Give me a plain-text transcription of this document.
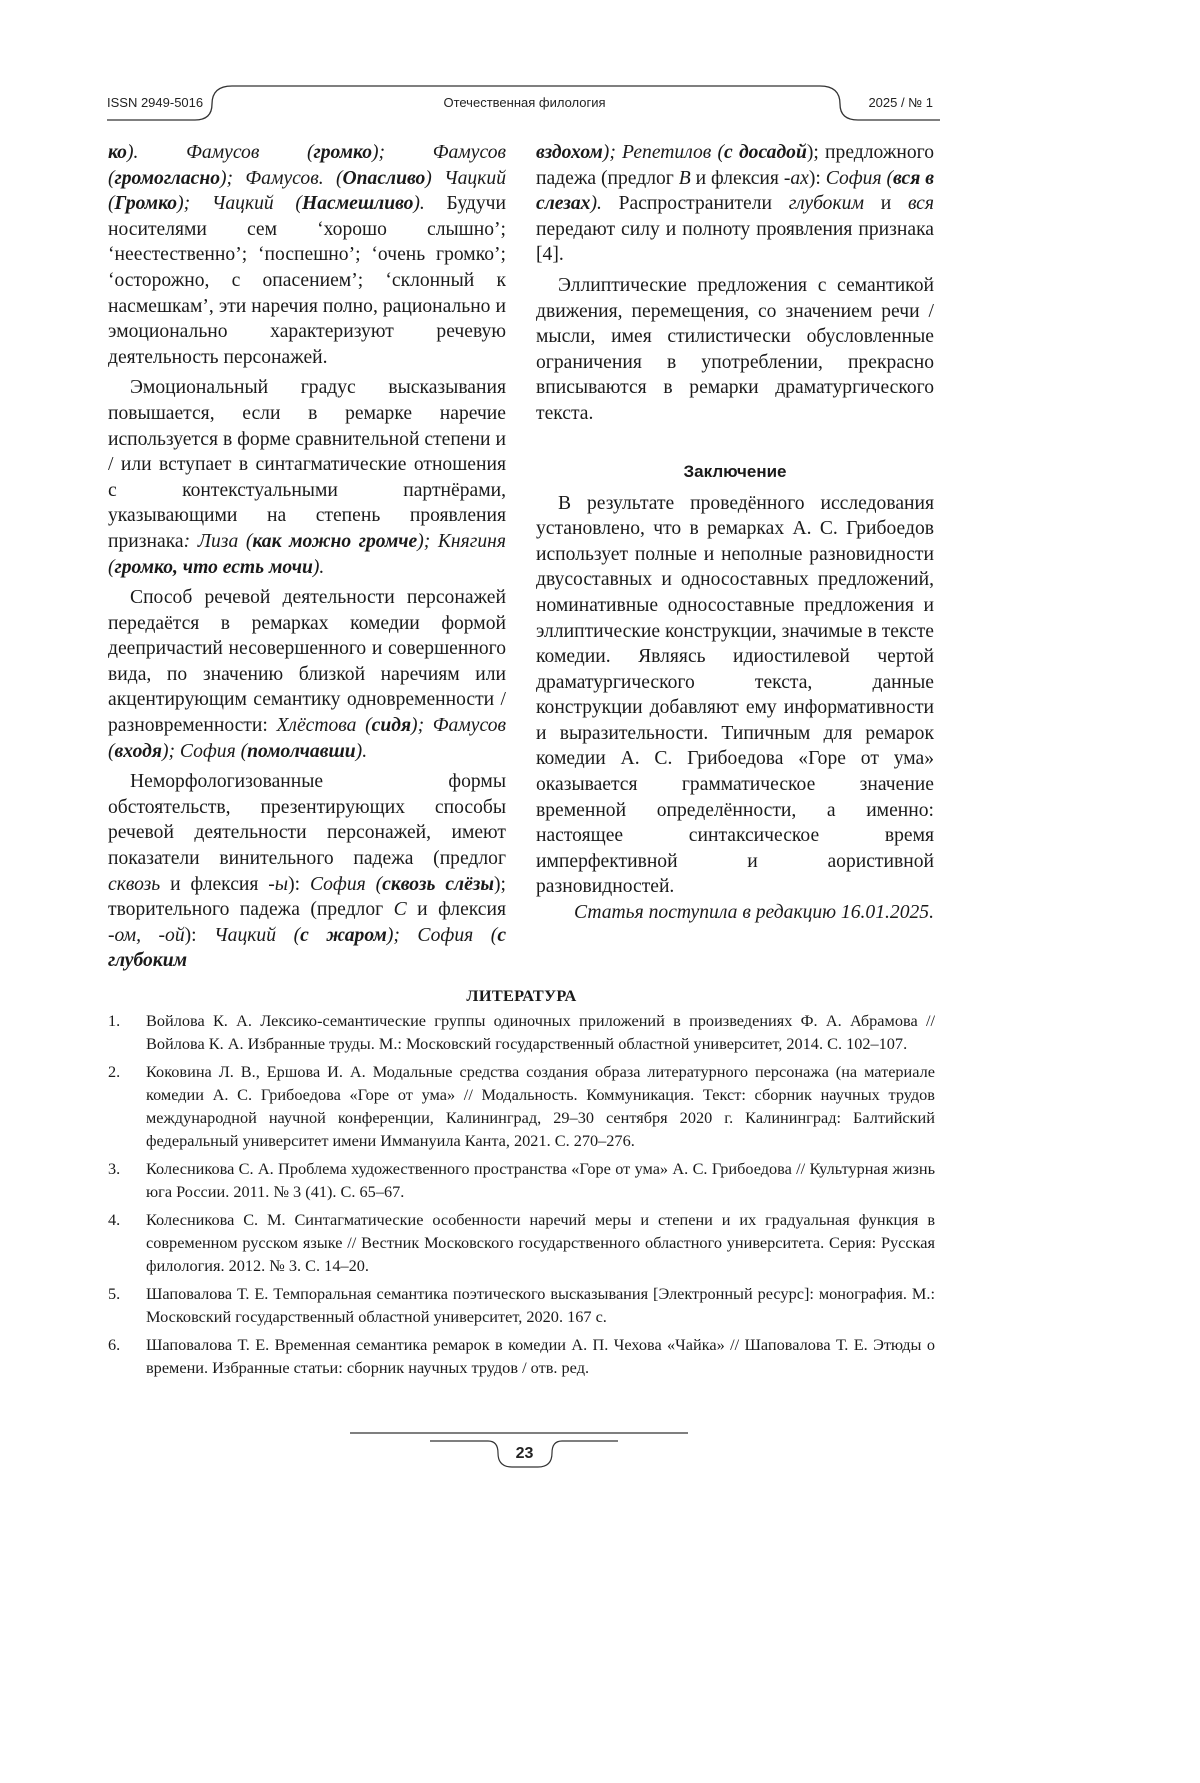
ISSN 2949-5016	Отечественная филология	2025 / № 1

ко). Фамусов (громко); Фамусов (громогласно); Фамусов. (Опасливо) Чацкий (Громко); Чацкий (Насмешливо). Будучи носителями сем ‘хорошо слышно’; ‘неестественно’; ‘поспешно’; ‘очень громко’; ‘осторожно, с опасением’; ‘склонный к насмешкам’, эти наречия полно, рационально и эмоционально характеризуют речевую деятельность персонажей.

Эмоциональный градус высказывания повышается, если в ремарке наречие используется в форме сравнительной степени и / или вступает в синтагматические отношения с контекстуальными партнёрами, указывающими на степень проявления признака: Лиза (как можно громче); Княгиня (громко, что есть мочи).

Способ речевой деятельности персонажей передаётся в ремарках комедии формой деепричастий несовершенного и совершенного вида, по значению близкой наречиям или акцентирующим семантику одновременности / разновременности: Хлёстова (сидя); Фамусов (входя); София (помолчавши).

Неморфологизованные формы обстоятельств, презентирующих способы речевой деятельности персонажей, имеют показатели винительного падежа (предлог сквозь и флексия -ы): София (сквозь слёзы); творительного падежа (предлог С и флексия -ом, -ой): Чацкий (с жаром); София (с глубоким

вздохом); Репетилов (с досадой); предложного падежа (предлог В и флексия -ах): София (вся в слезах). Распространители глубоким и вся передают силу и полноту проявления признака [4].

Эллиптические предложения с семантикой движения, перемещения, со значением речи / мысли, имея стилистически обусловленные ограничения в употреблении, прекрасно вписываются в ремарки драматургического текста.

Заключение

В результате проведённого исследования установлено, что в ремарках А. С. Грибоедов использует полные и неполные разновидности двусоставных и односоставных предложений, номинативные односоставные предложения и эллиптические конструкции, значимые в тексте комедии. Являясь идиостилевой чертой драматургического текста, данные конструкции добавляют ему информативности и выразительности. Типичным для ремарок комедии А. С. Грибоедова «Горе от ума» оказывается грамматическое значение временной определённости, а именно: настоящее синтаксическое время имперфективной и аористивной разновидностей.

Статья поступила в редакцию 16.01.2025.

ЛИТЕРАТУРА
1.	Войлова К. А. Лексико-семантические группы одиночных приложений в произведениях Ф. А. Абрамова // Войлова К. А. Избранные труды. М.: Московский государственный областной университет, 2014. С. 102–107.
2.	Коковина Л. В., Ершова И. А. Модальные средства создания образа литературного персонажа (на материале комедии А. С. Грибоедова «Горе от ума» // Модальность. Коммуникация. Текст: сборник научных трудов международной научной конференции, Калининград, 29–30 сентября 2020 г. Калининград: Балтийский федеральный университет имени Иммануила Канта, 2021. С. 270–276.
3.	Колесникова С. А. Проблема художественного пространства «Горе от ума» А. С. Грибоедова // Культурная жизнь юга России. 2011. № 3 (41). С. 65–67.
4.	Колесникова С. М. Синтагматические особенности наречий меры и степени и их градуальная функция в современном русском языке // Вестник Московского государственного областного университета. Серия: Русская филология. 2012. № 3. С. 14–20.
5.	Шаповалова Т. Е. Темпоральная семантика поэтического высказывания [Электронный ресурс]: монография. М.: Московский государственный областной университет, 2020. 167 с.
6.	Шаповалова Т. Е. Временная семантика ремарок в комедии А. П. Чехова «Чайка» // Шаповалова Т. Е. Этюды о времени. Избранные статьи: сборник научных трудов / отв. ред.
23
